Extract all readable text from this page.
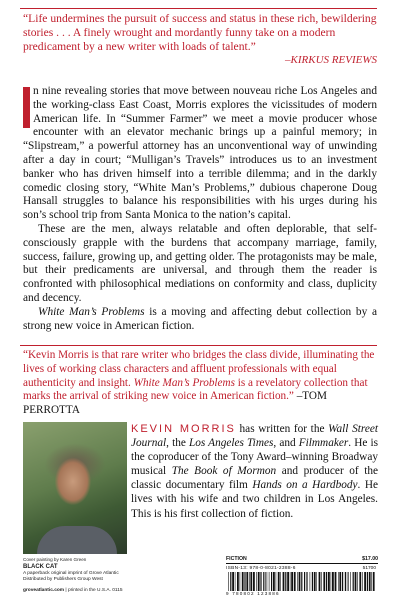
“Life undermines the pursuit of success and status in these rich, bewildering stories . . . A finely wrought and mordantly funny take on a modern predicament by a new writer with loads of talent.”
–KIRKUS REVIEWS

n nine revealing stories that move between nouveau riche Los Angeles and the working-class East Coast, Morris explores the vicissitudes of modern American life. In “Summer Farmer” we meet a movie producer whose encounter with an elevator mechanic brings up a painful memory; in “Slipstream,” a powerful attorney has an unconventional way of unwinding after a day in court; “Mulligan’s Travels” introduces us to an investment banker who has driven himself into a terrible dilemma; and in the darkly comedic closing story, “White Man’s Problems,” dubious chaperone Doug Hansall struggles to balance his responsibilities with his urges during his son’s school trip from Santa Monica to the nation’s capital.

These are the men, always relatable and often deplorable, that self-consciously grapple with the burdens that accompany marriage, family, success, failure, growing up, and getting older. The protagonists may be male, but their predicaments are universal, and through them the reader is confronted with philosophical mediations on conformity and class, duplicity and decency.

White Man’s Problems is a moving and affecting debut collection by a strong new voice in American fiction.

“Kevin Morris is that rare writer who bridges the class divide, illuminating the lives of working class characters and affluent professionals with equal authenticity and insight. White Man’s Problems is a revelatory collection that marks the arrival of striking new voice in American fiction.” –TOM PERROTTA
KEVIN MORRIS has written for the Wall Street Journal, the Los Angeles Times, and Filmmaker. He is the coproducer of the Tony Award–winning Broadway musical The Book of Mormon and producer of the classic documentary film Hands on a Hardbody. He lives with his wife and two children in Los Angeles. This is his first collection of fiction.
Cover painting by Karen Green
BLACK CAT
A paperback original imprint of Grove Atlantic
Distributed by Publishers Group West
groveatlantic.com | printed in the U.S.A. 0115
FICTION	$17.00
ISBN-13: 978-0-8021-2388-6	51700
9 780802 123886
